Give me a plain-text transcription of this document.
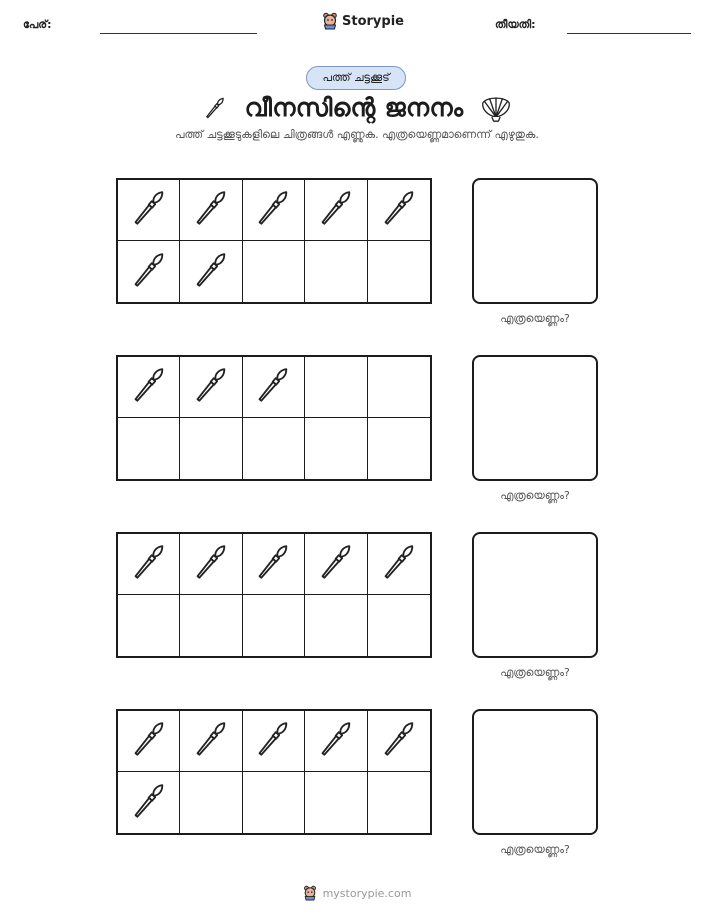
പേര്:	Storypie	തീയതി:
പത്ത് ചട്ടക്കൂട്
വീനസിന്റെ ജനനം
പത്ത് ചട്ടക്കൂടുകളിലെ ചിത്രങ്ങൾ എണ്ണുക. എത്രയെണ്ണമാണെന്ന് എഴുതുക.
എത്രയെണ്ണം?
എത്രയെണ്ണം?
എത്രയെണ്ണം?
എത്രയെണ്ണം?
mystorypie.com
